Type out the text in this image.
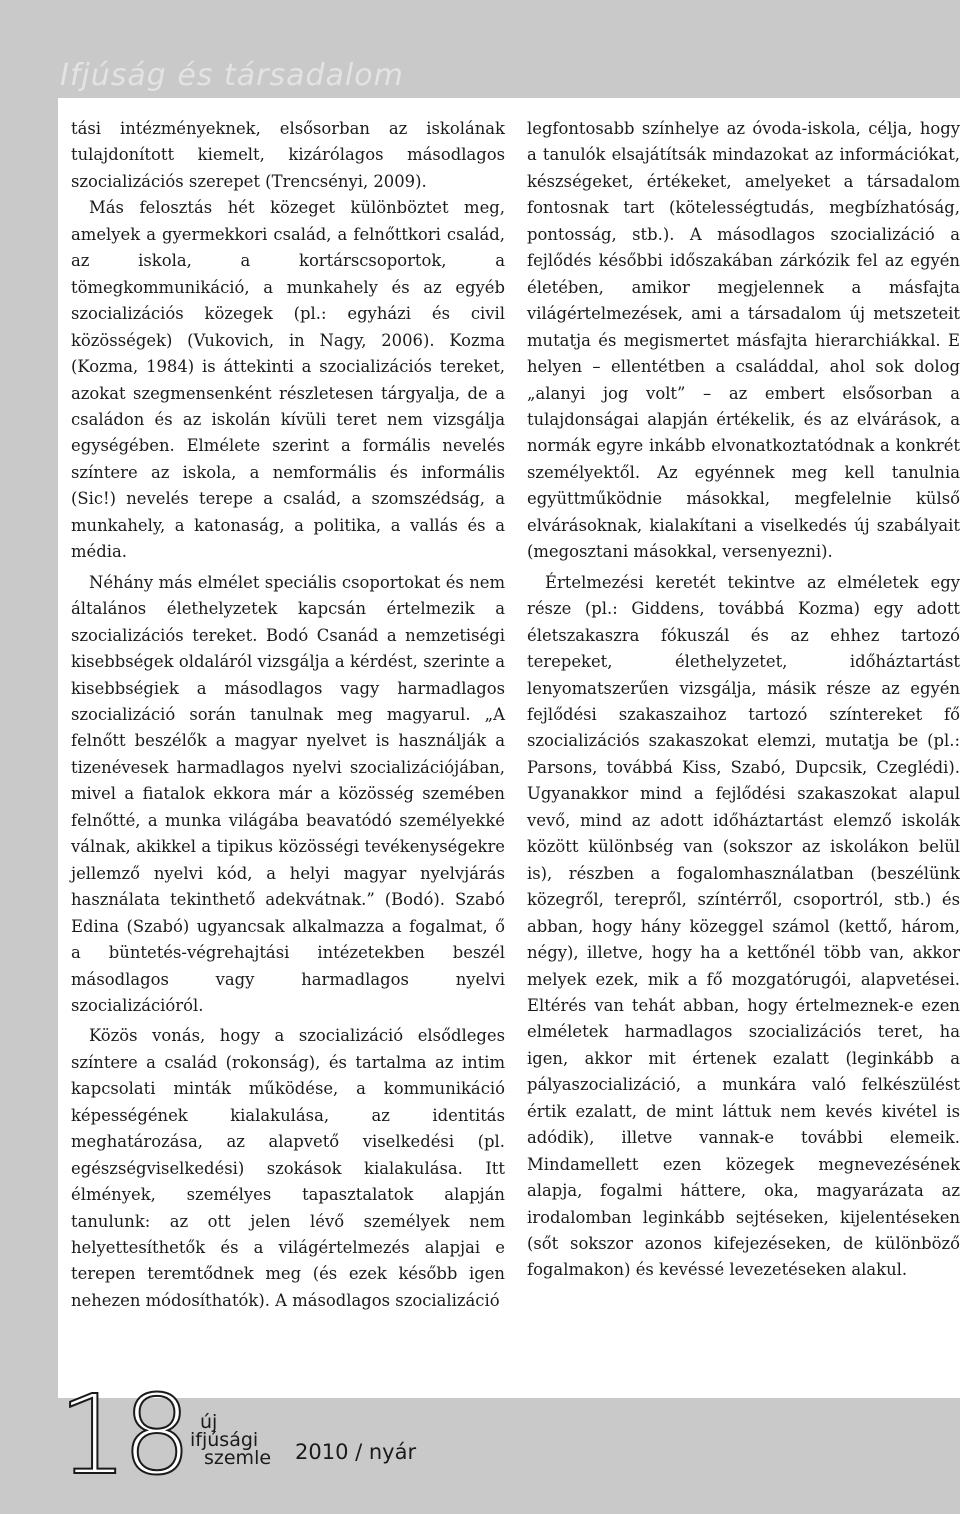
Ifjúság és társadalom

tási intézményeknek, elsősorban az iskolának tulajdonított kiemelt, kizárólagos másodlagos szocializációs szerepet (Trencsényi, 2009).

Más felosztás hét közeget különböztet meg, amelyek a gyermekkori család, a felnőttkori család, az iskola, a kortárscsoportok, a tömegkommunikáció, a munkahely és az egyéb szocializációs közegek (pl.: egyházi és civil közösségek) (Vukovich, in Nagy, 2006). Kozma (Kozma, 1984) is áttekinti a szocializációs tereket, azokat szegmensenként részletesen tárgyalja, de a családon és az iskolán kívüli teret nem vizsgálja egységében. Elmélete szerint a formális nevelés színtere az iskola, a nemformális és informális (Sic!) nevelés terepe a család, a szomszédság, a munkahely, a katonaság, a politika, a vallás és a média.

Néhány más elmélet speciális csoportokat és nem általános élethelyzetek kapcsán értelmezik a szocializációs tereket. Bodó Csanád a nemzetiségi kisebbségek oldaláról vizsgálja a kérdést, szerinte a kisebbségiek a másodlagos vagy harmadlagos szocializáció során tanulnak meg magyarul. „A felnőtt beszélők a magyar nyelvet is használják a tizenévesek harmadlagos nyelvi szocializációjában, mivel a fiatalok ekkora már a közösség szemében felnőtté, a munka világába beavatódó személyekké válnak, akikkel a tipikus közösségi tevékenységekre jellemző nyelvi kód, a helyi magyar nyelvjárás használata tekinthető adekvátnak.” (Bodó). Szabó Edina (Szabó) ugyancsak alkalmazza a fogalmat, ő a büntetés-végrehajtási intézetekben beszél másodlagos vagy harmadlagos nyelvi szocializációról.

Közös vonás, hogy a szocializáció elsődleges színtere a család (rokonság), és tartalma az intim kapcsolati minták működése, a kommunikáció képességének kialakulása, az identitás meghatározása, az alapvető viselkedési (pl. egészségviselkedési) szokások kialakulása. Itt élmények, személyes tapasztalatok alapján tanulunk: az ott jelen lévő személyek nem helyettesíthetők és a világértelmezés alapjai e terepen teremtődnek meg (és ezek később igen nehezen módosíthatók). A másodlagos szocializáció

legfontosabb színhelye az óvoda-iskola, célja, hogy a tanulók elsajátítsák mindazokat az információkat, készségeket, értékeket, amelyeket a társadalom fontosnak tart (kötelességtudás, megbízhatóság, pontosság, stb.). A másodlagos szocializáció a fejlődés későbbi időszakában zárkózik fel az egyén életében, amikor megjelennek a másfajta világértelmezések, ami a társadalom új metszeteit mutatja és megismertet másfajta hierarchiákkal. E helyen – ellentétben a családdal, ahol sok dolog „alanyi jog volt” – az embert elsősorban a tulajdonságai alapján értékelik, és az elvárások, a normák egyre inkább elvonatkoztatódnak a konkrét személyektől. Az egyénnek meg kell tanulnia együttműködnie másokkal, megfelelnie külső elvárásoknak, kialakítani a viselkedés új szabályait (megosztani másokkal, versenyezni).

Értelmezési keretét tekintve az elméletek egy része (pl.: Giddens, továbbá Kozma) egy adott életszakaszra fókuszál és az ehhez tartozó terepeket, élethelyzetet, időháztartást lenyomatszerűen vizsgálja, másik része az egyén fejlődési szakaszaihoz tartozó színtereket fő szocializációs szakaszokat elemzi, mutatja be (pl.: Parsons, továbbá Kiss, Szabó, Dupcsik, Czeglédi). Ugyanakkor mind a fejlődési szakaszokat alapul vevő, mind az adott időháztartást elemző iskolák között különbség van (sokszor az iskolákon belül is), részben a fogalomhasználatban (beszélünk közegről, terepről, színtérről, csoportról, stb.) és abban, hogy hány közeggel számol (kettő, három, négy), illetve, hogy ha a kettőnél több van, akkor melyek ezek, mik a fő mozgatórugói, alapvetései. Eltérés van tehát abban, hogy értelmeznek-e ezen elméletek harmadlagos szocializációs teret, ha igen, akkor mit értenek ezalatt (leginkább a pályaszocializáció, a munkára való felkészülést értik ezalatt, de mint láttuk nem kevés kivétel is adódik), illetve vannak-e további elemeik. Mindamellett ezen közegek megnevezésének alapja, fogalmi háttere, oka, magyarázata az irodalomban leginkább sejtéseken, kijelentéseken (sőt sokszor azonos kifejezéseken, de különböző fogalmakon) és kevéssé levezetéseken alakul.

18 új
ifjúsági
szemle 2010 / nyár
